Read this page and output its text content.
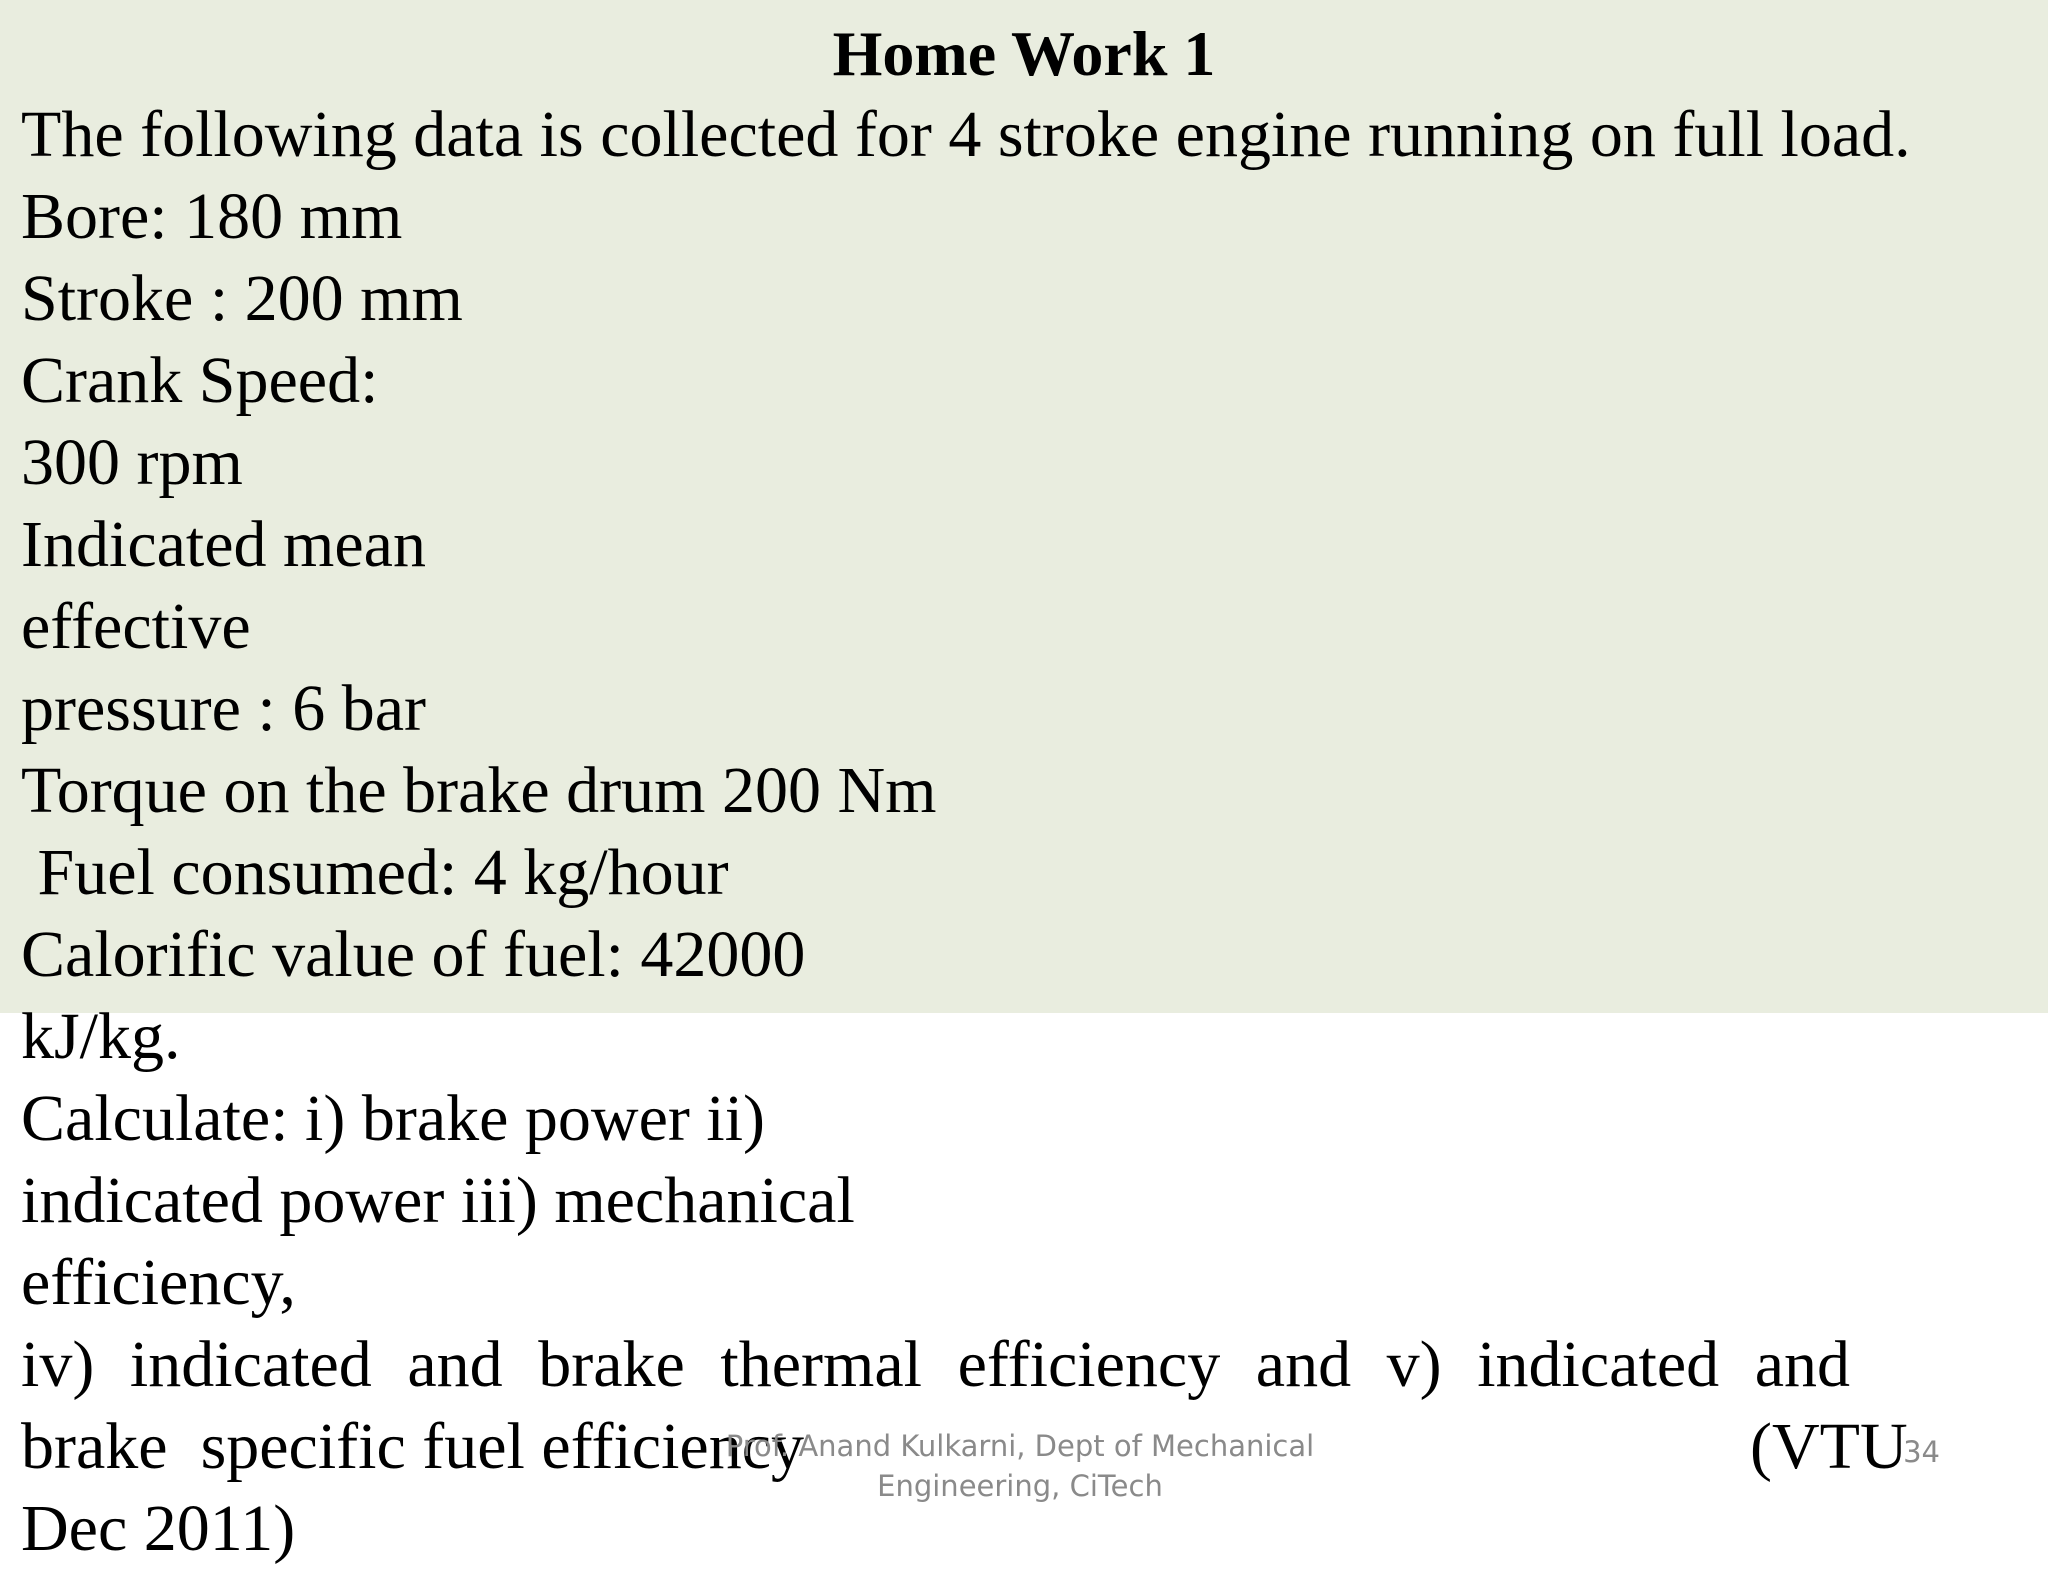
Home Work 1
The following data is collected for 4 stroke engine running on full load.
Bore: 180 mm
Stroke : 200 mm
Crank Speed:
300 rpm
Indicated mean
effective
pressure : 6 bar
Torque on the brake drum 200 Nm
Fuel consumed: 4 kg/hour
Calorific value of fuel: 42000
kJ/kg.
Calculate: i) brake power ii)
indicated power iii) mechanical
efficiency,
iv) indicated and brake thermal efficiency and v) indicated and
brake  specific fuel efficiency	(VTU
Dec 2011)
Prof. Anand Kulkarni, Dept of Mechanical Engineering, CiTech
34
